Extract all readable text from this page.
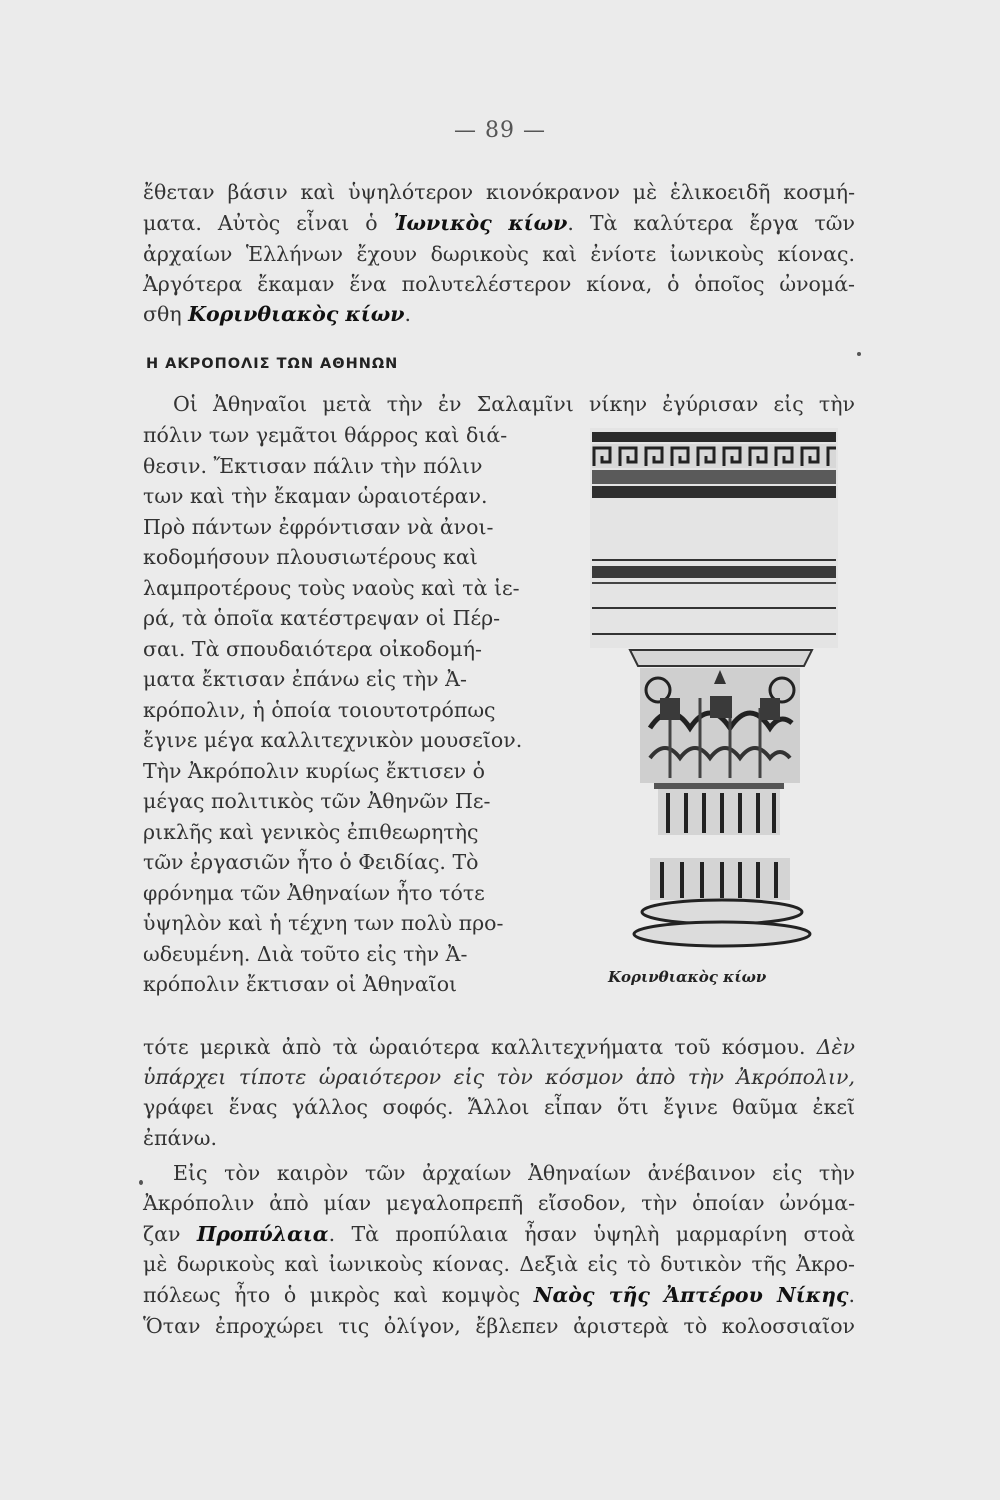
— 89 —
ἔθεταν βάσιν καὶ ὑψηλότερον κιονόκρανον μὲ ἑλικοειδῆ κοσμή-
ματα. Αὐτὸς εἶναι ὁ Ἰωνικὸς κίων. Τὰ καλύτερα ἔργα τῶν
ἀρχαίων Ἑλλήνων ἔχουν δωρικοὺς καὶ ἐνίοτε ἰωνικοὺς κίονας.
Ἀργότερα ἔκαμαν ἕνα πολυτελέστερον κίονα, ὁ ὁποῖος ὠνομά-
σθη Κορινθιακὸς κίων.
Η ΑΚΡΟΠΟΛΙΣ ΤΩΝ ΑΘΗΝΩΝ
Οἱ Ἀθηναῖοι μετὰ τὴν ἐν Σαλαμῖνι νίκην ἐγύρισαν εἰς τὴν
πόλιν των γεμᾶτοι θάρρος καὶ διά-
θεσιν. Ἔκτισαν πάλιν τὴν πόλιν
των καὶ τὴν ἔκαμαν ὡραιοτέραν.
Πρὸ πάντων ἐφρόντισαν νὰ ἀνοι-
κοδομήσουν πλουσιωτέρους καὶ
λαμπροτέρους τοὺς ναοὺς καὶ τὰ ἱε-
ρά, τὰ ὁποῖα κατέστρεψαν οἱ Πέρ-
σαι. Τὰ σπουδαιότερα οἰκοδομή-
ματα ἔκτισαν ἐπάνω εἰς τὴν Ἀ-
κρόπολιν, ἡ ὁποία τοιουτοτρόπως
ἔγινε μέγα καλλιτεχνικὸν μουσεῖον.
Τὴν Ἀκρόπολιν κυρίως ἔκτισεν ὁ
μέγας πολιτικὸς τῶν Ἀθηνῶν Πε-
ρικλῆς καὶ γενικὸς ἐπιθεωρητὴς
τῶν ἐργασιῶν ἦτο ὁ Φειδίας. Τὸ
φρόνημα τῶν Ἀθηναίων ἦτο τότε
ὑψηλὸν καὶ ἡ τέχνη των πολὺ προ-
ωδευμένη. Διὰ τοῦτο εἰς τὴν Ἀ-
κρόπολιν ἔκτισαν οἱ Ἀθηναῖοι	Κορινθιακὸς κίων
τότε μερικὰ ἀπὸ τὰ ὡραιότερα καλλιτεχνήματα τοῦ κόσμου. Δὲν
ὑπάρχει τίποτε ὡραιότερον εἰς τὸν κόσμον ἀπὸ τὴν Ἀκρόπολιν,
γράφει ἕνας γάλλος σοφός. Ἄλλοι εἶπαν ὅτι ἔγινε θαῦμα ἐκεῖ
ἐπάνω.
Εἰς τὸν καιρὸν τῶν ἀρχαίων Ἀθηναίων ἀνέβαινον εἰς τὴν
Ἀκρόπολιν ἀπὸ μίαν μεγαλοπρεπῆ εἴσοδον, τὴν ὁποίαν ὠνόμα-
ζαν Προπύλαια. Τὰ προπύλαια ἦσαν ὑψηλὴ μαρμαρίνη στοὰ
μὲ δωρικοὺς καὶ ἰωνικοὺς κίονας. Δεξιὰ εἰς τὸ δυτικὸν τῆς Ἀκρο-
πόλεως ἦτο ὁ μικρὸς καὶ κομψὸς Ναὸς τῆς Ἀπτέρου Νίκης.
Ὅταν ἐπροχώρει τις ὀλίγον, ἔβλεπεν ἀριστερὰ τὸ κολοσσιαῖον
